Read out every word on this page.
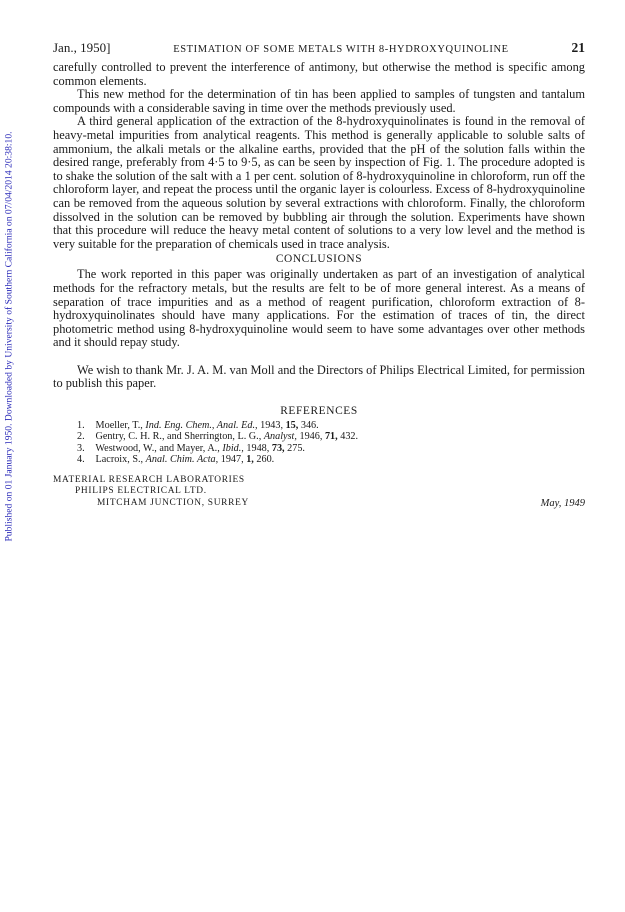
Published on 01 January 1950. Downloaded by University of Southern California on 07/04/2014 20:38:10.
Jan., 1950]	ESTIMATION OF SOME METALS WITH 8-HYDROXYQUINOLINE	21

carefully controlled to prevent the interference of antimony, but otherwise the method is specific among common elements.

This new method for the determination of tin has been applied to samples of tungsten and tantalum compounds with a considerable saving in time over the methods previously used.

A third general application of the extraction of the 8-hydroxyquinolinates is found in the removal of heavy-metal impurities from analytical reagents. This method is generally applicable to soluble salts of ammonium, the alkali metals or the alkaline earths, provided that the pH of the solution falls within the desired range, preferably from 4·5 to 9·5, as can be seen by inspection of Fig. 1. The procedure adopted is to shake the solution of the salt with a 1 per cent. solution of 8-hydroxyquinoline in chloroform, run off the chloroform layer, and repeat the process until the organic layer is colourless. Excess of 8-hydroxyquinoline can be removed from the aqueous solution by several extractions with chloroform. Finally, the chloroform dissolved in the solution can be removed by bubbling air through the solution. Experiments have shown that this procedure will reduce the heavy metal content of solutions to a very low level and the method is very suitable for the preparation of chemicals used in trace analysis.

CONCLUSIONS

The work reported in this paper was originally undertaken as part of an investigation of analytical methods for the refractory metals, but the results are felt to be of more general interest. As a means of separation of trace impurities and as a method of reagent purification, chloroform extraction of 8-hydroxyquinolinates should have many applications. For the estimation of traces of tin, the direct photometric method using 8-hydroxyquinoline would seem to have some advantages over other methods and it should repay study.

We wish to thank Mr. J. A. M. van Moll and the Directors of Philips Electrical Limited, for permission to publish this paper.

REFERENCES
1. Moeller, T., Ind. Eng. Chem., Anal. Ed., 1943, 15, 346.
2. Gentry, C. H. R., and Sherrington, L. G., Analyst, 1946, 71, 432.
3. Westwood, W., and Mayer, A., Ibid., 1948, 73, 275.
4. Lacroix, S., Anal. Chim. Acta, 1947, 1, 260.
MATERIAL RESEARCH LABORATORIES
PHILIPS ELECTRICAL LTD.
MITCHAM JUNCTION, SURREY	May, 1949
